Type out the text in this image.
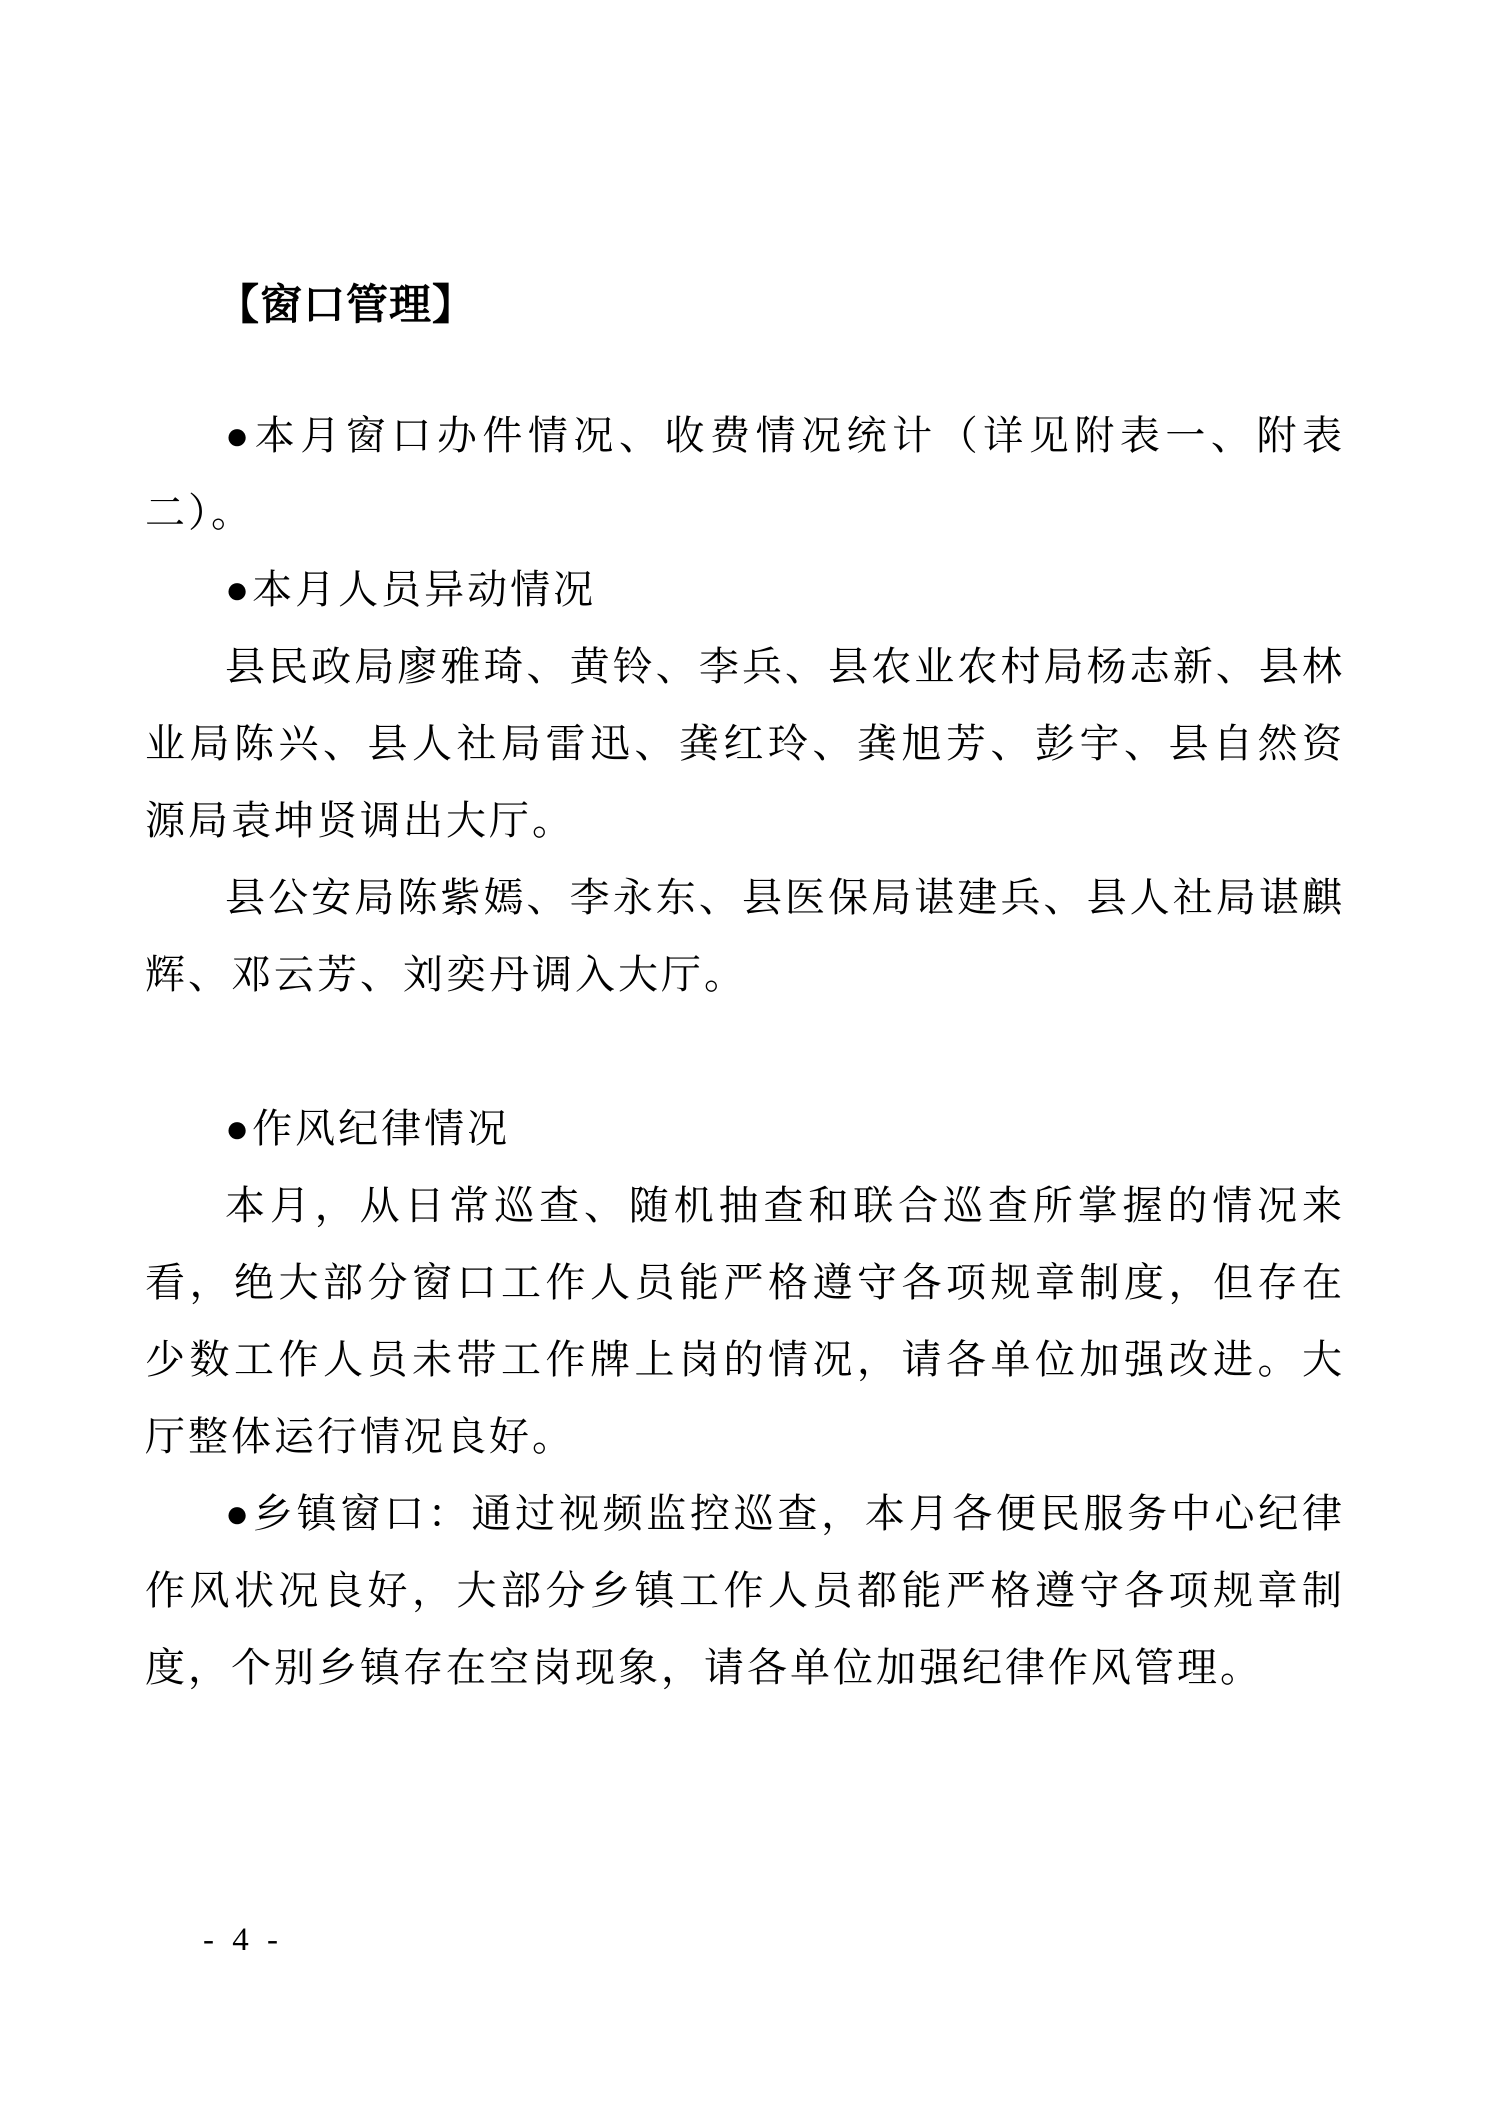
【窗口管理】

●本月窗口办件情况、收费情况统计（详见附表一、附表二）。

●本月人员异动情况

县民政局廖雅琦、黄铃、李兵、县农业农村局杨志新、县林业局陈兴、县人社局雷迅、龚红玲、龚旭芳、彭宇、县自然资源局袁坤贤调出大厅。

县公安局陈紫嫣、李永东、县医保局谌建兵、县人社局谌麒辉、邓云芳、刘奕丹调入大厅。

●作风纪律情况

本月，从日常巡查、随机抽查和联合巡查所掌握的情况来看，绝大部分窗口工作人员能严格遵守各项规章制度，但存在少数工作人员未带工作牌上岗的情况，请各单位加强改进。大厅整体运行情况良好。

●乡镇窗口：通过视频监控巡查，本月各便民服务中心纪律作风状况良好，大部分乡镇工作人员都能严格遵守各项规章制度，个别乡镇存在空岗现象，请各单位加强纪律作风管理。

- 4 -
